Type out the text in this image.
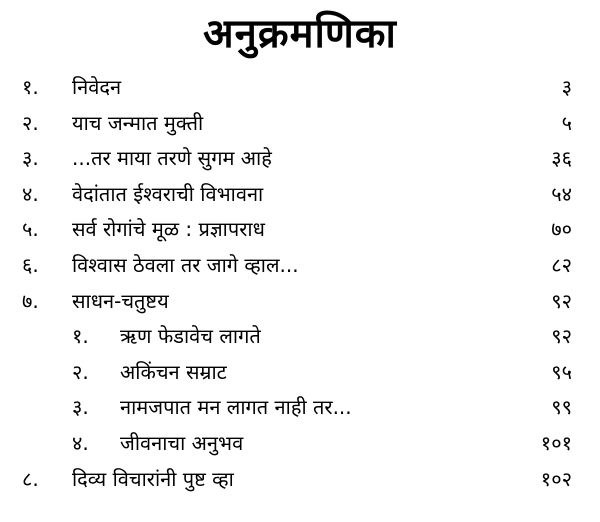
अनुक्रमणिका
१. निवेदन	३
२. याच जन्मात मुक्ती	५
३. ...तर माया तरणे सुगम आहे	३६
४. वेदांतात ईश्वराची विभावना	५४
५. सर्व रोगांचे मूळ : प्रज्ञापराध	७०
६. विश्वास ठेवला तर जागे व्हाल...	८२
७. साधन-चतुष्टय	९२
१. ऋण फेडावेच लागते	९२
२. अकिंचन सम्राट	९५
३. नामजपात मन लागत नाही तर...	९९
४. जीवनाचा अनुभव	१०१
८. दिव्य विचारांनी पुष्ट व्हा	१०२
